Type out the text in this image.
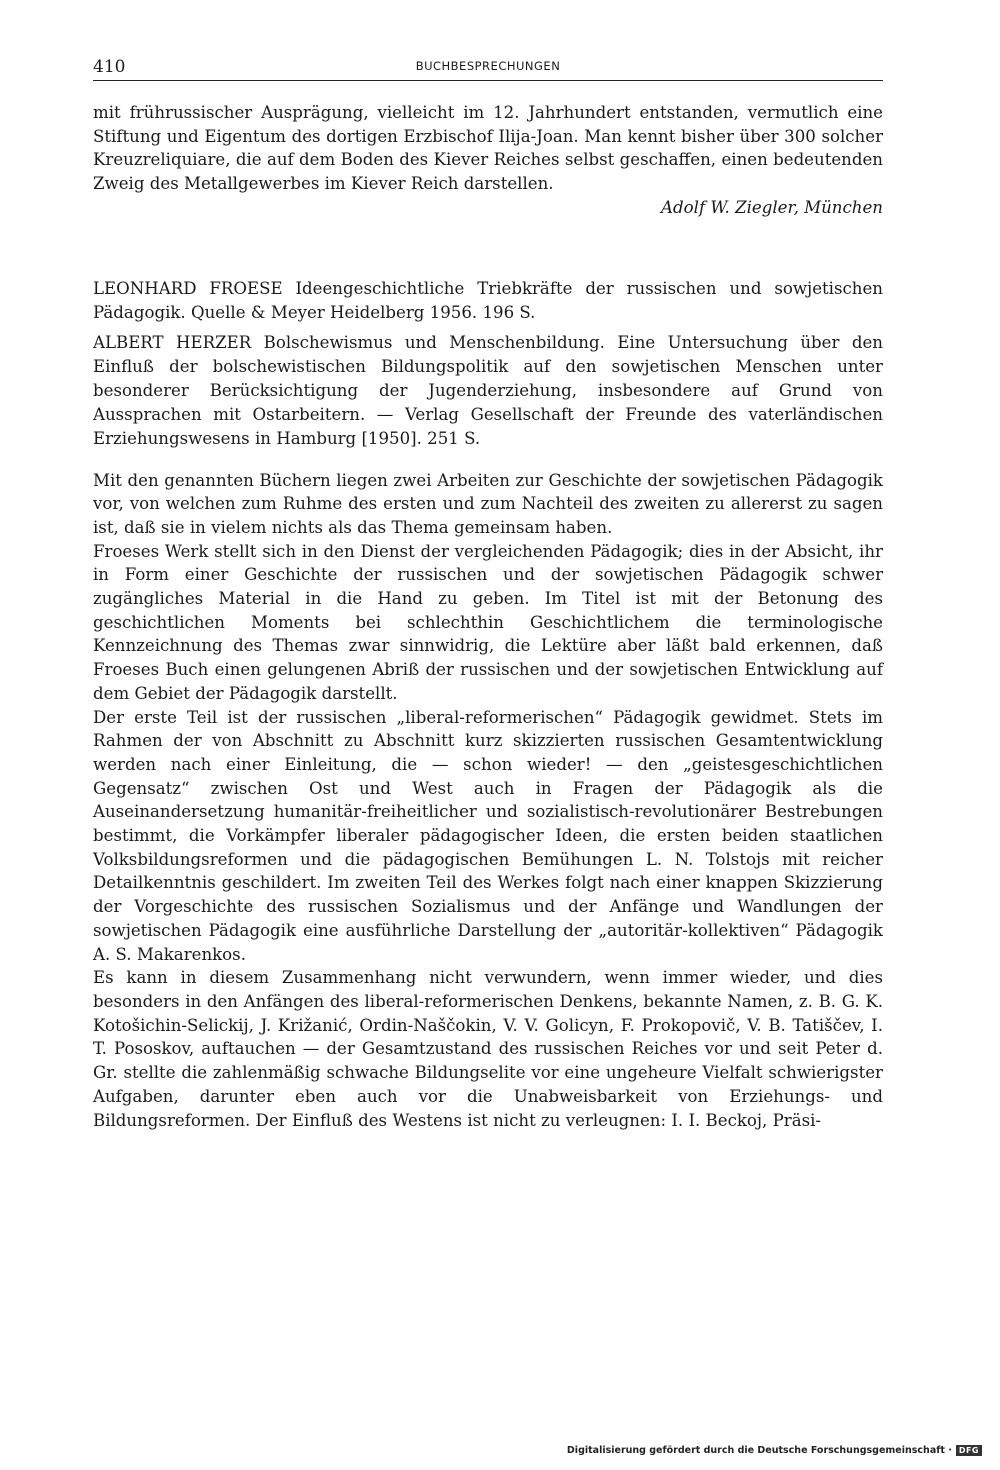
410	BUCHBESPRECHUNGEN

mit frührussischer Ausprägung, vielleicht im 12. Jahrhundert entstanden, vermutlich eine Stiftung und Eigentum des dortigen Erzbischof Ilija-Joan. Man kennt bisher über 300 solcher Kreuzreliquiare, die auf dem Boden des Kiever Reiches selbst geschaffen, einen bedeutenden Zweig des Metallgewerbes im Kiever Reich darstellen.

Adolf W. Ziegler, München

LEONHARD FROESE Ideengeschichtliche Triebkräfte der russischen und sowjetischen Pädagogik. Quelle & Meyer Heidelberg 1956. 196 S.

ALBERT HERZER Bolschewismus und Menschenbildung. Eine Untersuchung über den Einfluß der bolschewistischen Bildungspolitik auf den sowjetischen Menschen unter besonderer Berücksichtigung der Jugenderziehung, insbesondere auf Grund von Aussprachen mit Ostarbeitern. — Verlag Gesellschaft der Freunde des vaterländischen Erziehungswesens in Hamburg [1950]. 251 S.

Mit den genannten Büchern liegen zwei Arbeiten zur Geschichte der sowjetischen Pädagogik vor, von welchen zum Ruhme des ersten und zum Nachteil des zweiten zu allererst zu sagen ist, daß sie in vielem nichts als das Thema gemeinsam haben.

Froeses Werk stellt sich in den Dienst der vergleichenden Pädagogik; dies in der Absicht, ihr in Form einer Geschichte der russischen und der sowjetischen Pädagogik schwer zugängliches Material in die Hand zu geben. Im Titel ist mit der Betonung des geschichtlichen Moments bei schlechthin Geschichtlichem die terminologische Kennzeichnung des Themas zwar sinnwidrig, die Lektüre aber läßt bald erkennen, daß Froeses Buch einen gelungenen Abriß der russischen und der sowjetischen Entwicklung auf dem Gebiet der Pädagogik darstellt.

Der erste Teil ist der russischen „liberal-reformerischen“ Pädagogik gewidmet. Stets im Rahmen der von Abschnitt zu Abschnitt kurz skizzierten russischen Gesamtentwicklung werden nach einer Einleitung, die — schon wieder! — den „geistesgeschichtlichen Gegensatz“ zwischen Ost und West auch in Fragen der Pädagogik als die Auseinandersetzung humanitär-freiheitlicher und sozialistisch-revolutionärer Bestrebungen bestimmt, die Vorkämpfer liberaler pädagogischer Ideen, die ersten beiden staatlichen Volksbildungsreformen und die pädagogischen Bemühungen L. N. Tolstojs mit reicher Detailkenntnis geschildert. Im zweiten Teil des Werkes folgt nach einer knappen Skizzierung der Vorgeschichte des russischen Sozialismus und der Anfänge und Wandlungen der sowjetischen Pädagogik eine ausführliche Darstellung der „autoritär-kollektiven“ Pädagogik A. S. Makarenkos.

Es kann in diesem Zusammenhang nicht verwundern, wenn immer wieder, und dies besonders in den Anfängen des liberal-reformerischen Denkens, bekannte Namen, z. B. G. K. Kotošichin-Selickij, J. Križanić, Ordin-Naščokin, V. V. Golicyn, F. Prokopovič, V. B. Tatiščev, I. T. Pososkov, auftauchen — der Gesamtzustand des russischen Reiches vor und seit Peter d. Gr. stellte die zahlenmäßig schwache Bildungselite vor eine ungeheure Vielfalt schwierigster Aufgaben, darunter eben auch vor die Unabweisbarkeit von Erziehungs- und Bildungsreformen. Der Einfluß des Westens ist nicht zu verleugnen: I. I. Beckoj, Präsi-

Digitalisierung gefördert durch die Deutsche Forschungsgemeinschaft · DFG
